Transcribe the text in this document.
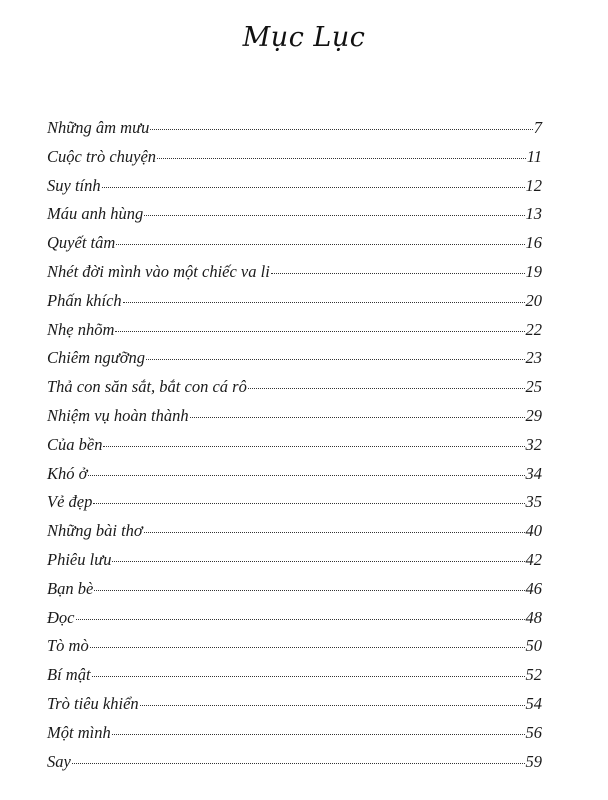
Mục Lục
Những âm mưu	7
Cuộc trò chuyện	11
Suy tính	12
Máu anh hùng	13
Quyết tâm	16
Nhét đời mình vào một chiếc va li	19
Phấn khích	20
Nhẹ nhõm	22
Chiêm ngưỡng	23
Thả con săn sắt, bắt con cá rô	25
Nhiệm vụ hoàn thành	29
Của bền	32
Khó ở	34
Vẻ đẹp	35
Những bài thơ	40
Phiêu lưu	42
Bạn bè	46
Đọc	48
Tò mò	50
Bí mật	52
Trò tiêu khiển	54
Một mình	56
Say	59
